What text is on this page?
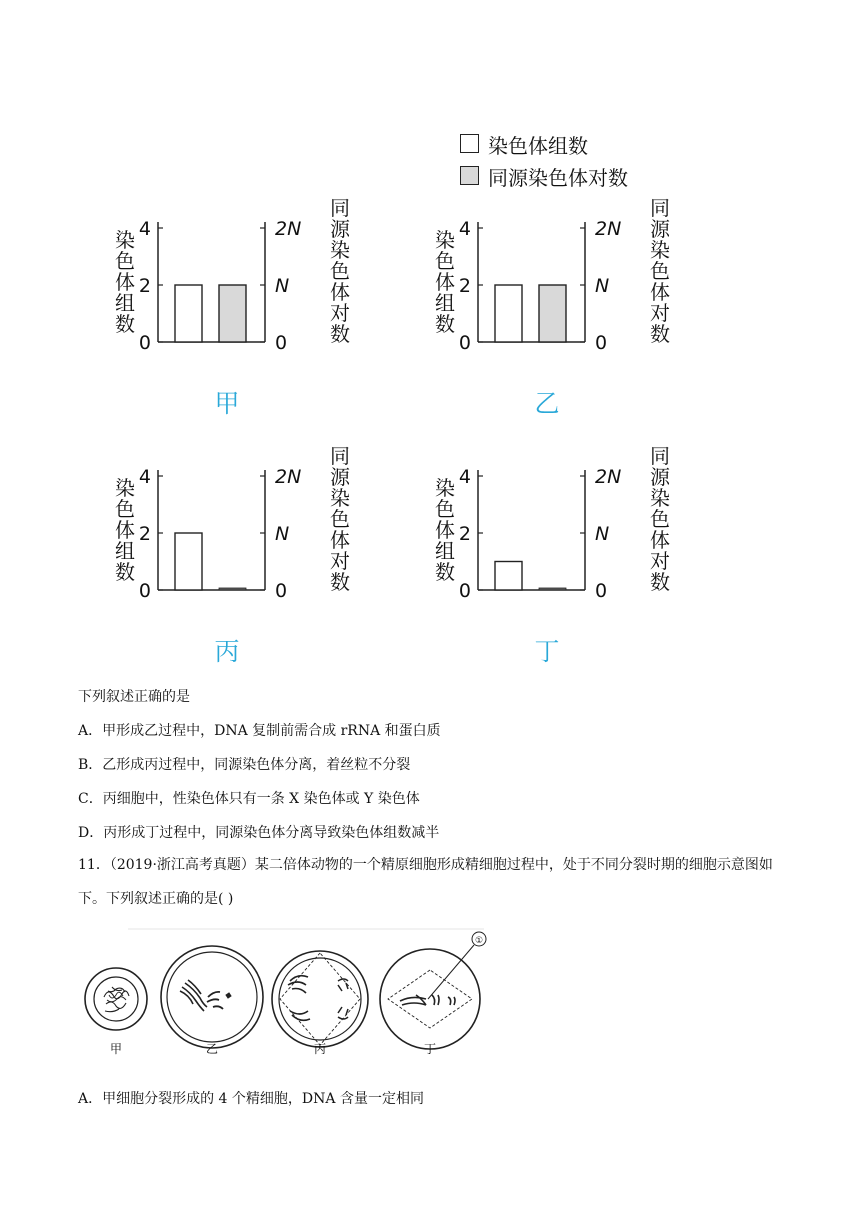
染色体组数
同源染色体对数
0
2
4
0
N
2N
染色体组数
同源染色体对数
甲
0
2
4
0
N
2N
染色体组数
同源染色体对数
乙
0
2
4
0
N
2N
染色体组数
同源染色体对数
丙
0
2
4
0
N
2N
染色体组数
同源染色体对数
丁
下列叙述正确的是
A．甲形成乙过程中，DNA 复制前需合成 rRNA 和蛋白质
B．乙形成丙过程中，同源染色体分离，着丝粒不分裂
C．丙细胞中，性染色体只有一条 X 染色体或 Y 染色体
D．丙形成丁过程中，同源染色体分离导致染色体组数减半
11．（2019·浙江高考真题）某二倍体动物的一个精原细胞形成精细胞过程中，处于不同分裂时期的细胞示意图如下。下列叙述正确的是( )
①
甲	乙	丙	丁
A．甲细胞分裂形成的 4 个精细胞，DNA 含量一定相同
